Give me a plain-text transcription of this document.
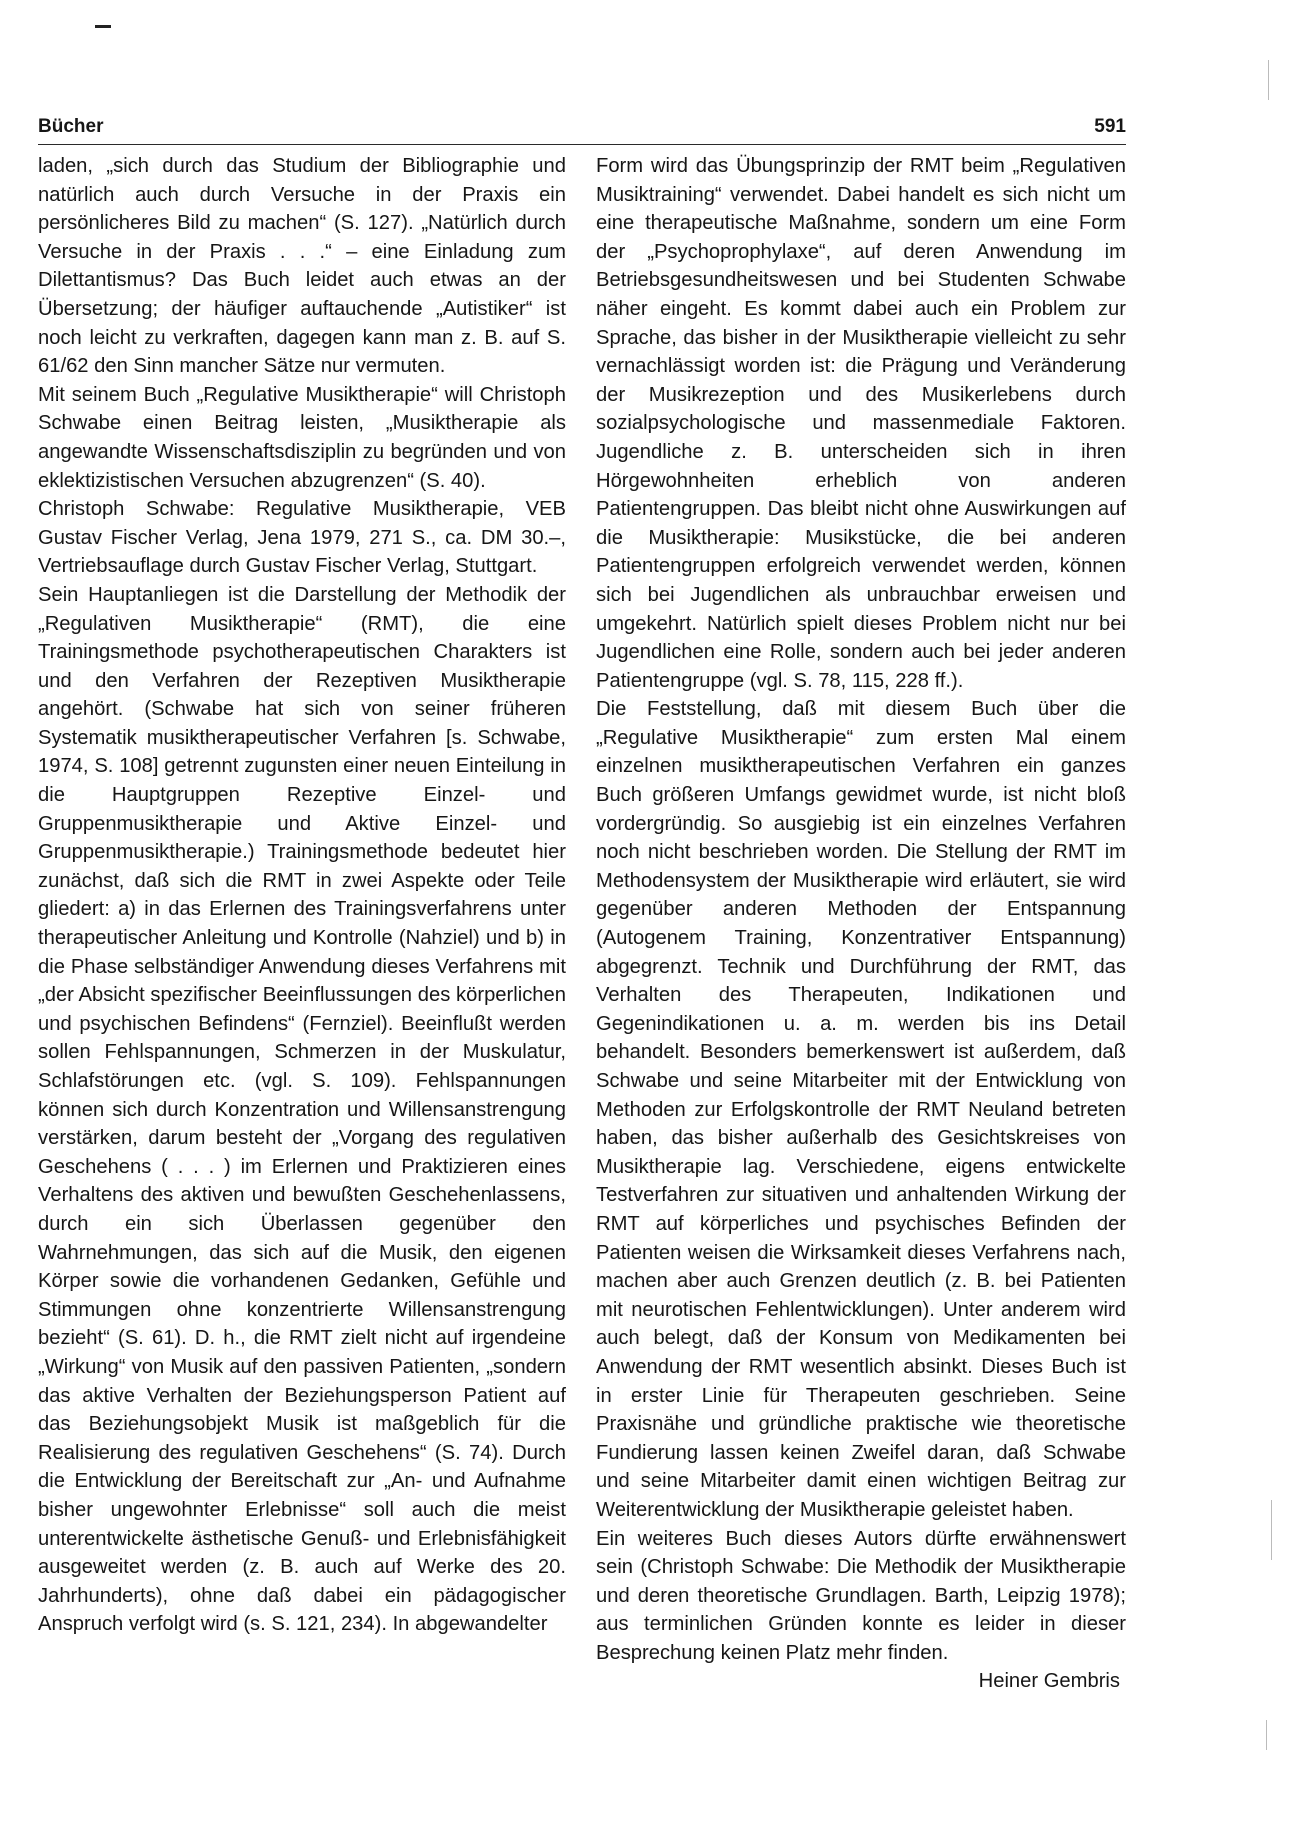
Bücher	591

laden, „sich durch das Studium der Bibliographie und natürlich auch durch Versuche in der Praxis ein persönlicheres Bild zu machen“ (S. 127). „Natürlich durch Versuche in der Praxis . . .“ – eine Einladung zum Dilettantismus? Das Buch leidet auch etwas an der Übersetzung; der häufiger auftauchende „Autistiker“ ist noch leicht zu verkraften, dagegen kann man z. B. auf S. 61/62 den Sinn mancher Sätze nur vermuten.

Mit seinem Buch „Regulative Musiktherapie“ will Christoph Schwabe einen Beitrag leisten, „Musiktherapie als angewandte Wissenschaftsdisziplin zu begründen und von eklektizistischen Versuchen abzugrenzen“ (S. 40).

Christoph Schwabe: Regulative Musiktherapie, VEB Gustav Fischer Verlag, Jena 1979, 271 S., ca. DM 30.–, Vertriebsauflage durch Gustav Fischer Verlag, Stuttgart.

Sein Hauptanliegen ist die Darstellung der Methodik der „Regulativen Musiktherapie“ (RMT), die eine Trainingsmethode psychotherapeutischen Charakters ist und den Verfahren der Rezeptiven Musiktherapie angehört. (Schwabe hat sich von seiner früheren Systematik musiktherapeutischer Verfahren [s. Schwabe, 1974, S. 108] getrennt zugunsten einer neuen Einteilung in die Hauptgruppen Rezeptive Einzel- und Gruppenmusiktherapie und Aktive Einzel- und Gruppenmusiktherapie.) Trainingsmethode bedeutet hier zunächst, daß sich die RMT in zwei Aspekte oder Teile gliedert: a) in das Erlernen des Trainingsverfahrens unter therapeutischer Anleitung und Kontrolle (Nahziel) und b) in die Phase selbständiger Anwendung dieses Verfahrens mit „der Absicht spezifischer Beeinflussungen des körperlichen und psychischen Befindens“ (Fernziel). Beeinflußt werden sollen Fehlspannungen, Schmerzen in der Muskulatur, Schlafstörungen etc. (vgl. S. 109). Fehlspannungen können sich durch Konzentration und Willensanstrengung verstärken, darum besteht der „Vorgang des regulativen Geschehens ( . . . ) im Erlernen und Praktizieren eines Verhaltens des aktiven und bewußten Geschehenlassens, durch ein sich Überlassen gegenüber den Wahrnehmungen, das sich auf die Musik, den eigenen Körper sowie die vorhandenen Gedanken, Gefühle und Stimmungen ohne konzentrierte Willensanstrengung bezieht“ (S. 61). D. h., die RMT zielt nicht auf irgendeine „Wirkung“ von Musik auf den passiven Patienten, „sondern das aktive Verhalten der Beziehungsperson Patient auf das Beziehungsobjekt Musik ist maßgeblich für die Realisierung des regulativen Geschehens“ (S. 74). Durch die Entwicklung der Bereitschaft zur „An- und Aufnahme bisher ungewohnter Erlebnisse“ soll auch die meist unterentwickelte ästhetische Genuß- und Erlebnisfähigkeit ausgeweitet werden (z. B. auch auf Werke des 20. Jahrhunderts), ohne daß dabei ein pädagogischer Anspruch verfolgt wird (s. S. 121, 234). In abgewandelter

Form wird das Übungsprinzip der RMT beim „Regulativen Musiktraining“ verwendet. Dabei handelt es sich nicht um eine therapeutische Maßnahme, sondern um eine Form der „Psychoprophylaxe“, auf deren Anwendung im Betriebsgesundheitswesen und bei Studenten Schwabe näher eingeht. Es kommt dabei auch ein Problem zur Sprache, das bisher in der Musiktherapie vielleicht zu sehr vernachlässigt worden ist: die Prägung und Veränderung der Musikrezeption und des Musikerlebens durch sozialpsychologische und massenmediale Faktoren. Jugendliche z. B. unterscheiden sich in ihren Hörgewohnheiten erheblich von anderen Patientengruppen. Das bleibt nicht ohne Auswirkungen auf die Musiktherapie: Musikstücke, die bei anderen Patientengruppen erfolgreich verwendet werden, können sich bei Jugendlichen als unbrauchbar erweisen und umgekehrt. Natürlich spielt dieses Problem nicht nur bei Jugendlichen eine Rolle, sondern auch bei jeder anderen Patientengruppe (vgl. S. 78, 115, 228 ff.).

Die Feststellung, daß mit diesem Buch über die „Regulative Musiktherapie“ zum ersten Mal einem einzelnen musiktherapeutischen Verfahren ein ganzes Buch größeren Umfangs gewidmet wurde, ist nicht bloß vordergründig. So ausgiebig ist ein einzelnes Verfahren noch nicht beschrieben worden. Die Stellung der RMT im Methodensystem der Musiktherapie wird erläutert, sie wird gegenüber anderen Methoden der Entspannung (Autogenem Training, Konzentrativer Entspannung) abgegrenzt. Technik und Durchführung der RMT, das Verhalten des Therapeuten, Indikationen und Gegenindikationen u. a. m. werden bis ins Detail behandelt. Besonders bemerkenswert ist außerdem, daß Schwabe und seine Mitarbeiter mit der Entwicklung von Methoden zur Erfolgskontrolle der RMT Neuland betreten haben, das bisher außerhalb des Gesichtskreises von Musiktherapie lag. Verschiedene, eigens entwickelte Testverfahren zur situativen und anhaltenden Wirkung der RMT auf körperliches und psychisches Befinden der Patienten weisen die Wirksamkeit dieses Verfahrens nach, machen aber auch Grenzen deutlich (z. B. bei Patienten mit neurotischen Fehlentwicklungen). Unter anderem wird auch belegt, daß der Konsum von Medikamenten bei Anwendung der RMT wesentlich absinkt. Dieses Buch ist in erster Linie für Therapeuten geschrieben. Seine Praxisnähe und gründliche praktische wie theoretische Fundierung lassen keinen Zweifel daran, daß Schwabe und seine Mitarbeiter damit einen wichtigen Beitrag zur Weiterentwicklung der Musiktherapie geleistet haben.

Ein weiteres Buch dieses Autors dürfte erwähnenswert sein (Christoph Schwabe: Die Methodik der Musiktherapie und deren theoretische Grundlagen. Barth, Leipzig 1978); aus terminlichen Gründen konnte es leider in dieser Besprechung keinen Platz mehr finden.

Heiner Gembris
